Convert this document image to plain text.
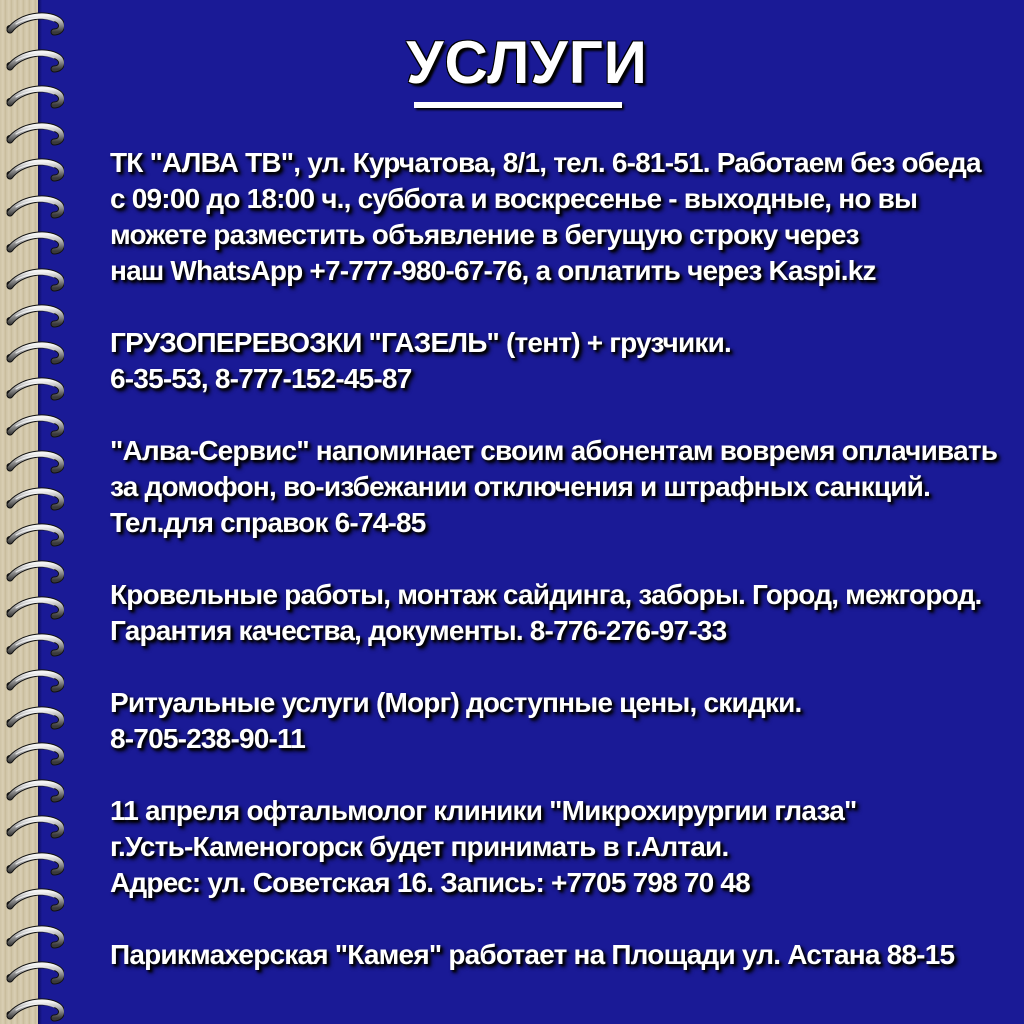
УСЛУГИ
ТК "АЛВА ТВ", ул. Курчатова, 8/1, тел. 6-81-51. Работаем без обеда
с 09:00 до 18:00 ч., суббота и воскресенье - выходные, но вы
можете разместить объявление в бегущую строку через
наш WhatsApp +7-777-980-67-76, а оплатить через Kaspi.kz
ГРУЗОПЕРЕВОЗКИ "ГАЗЕЛЬ" (тент) + грузчики.
6-35-53, 8-777-152-45-87
"Алва-Сервис" напоминает своим абонентам вовремя оплачивать
за домофон, во-избежании отключения и штрафных санкций.
Тел.для справок 6-74-85
Кровельные работы, монтаж сайдинга, заборы. Город, межгород.
Гарантия качества, документы. 8-776-276-97-33
Ритуальные услуги (Морг) доступные цены, скидки.
8-705-238-90-11
11 апреля офтальмолог клиники "Микрохирургии глаза"
г.Усть-Каменогорск будет принимать в г.Алтаи.
Адрес: ул. Советская 16. Запись: +7705 798 70 48
Парикмахерская "Камея" работает на Площади ул. Астана 88-15
